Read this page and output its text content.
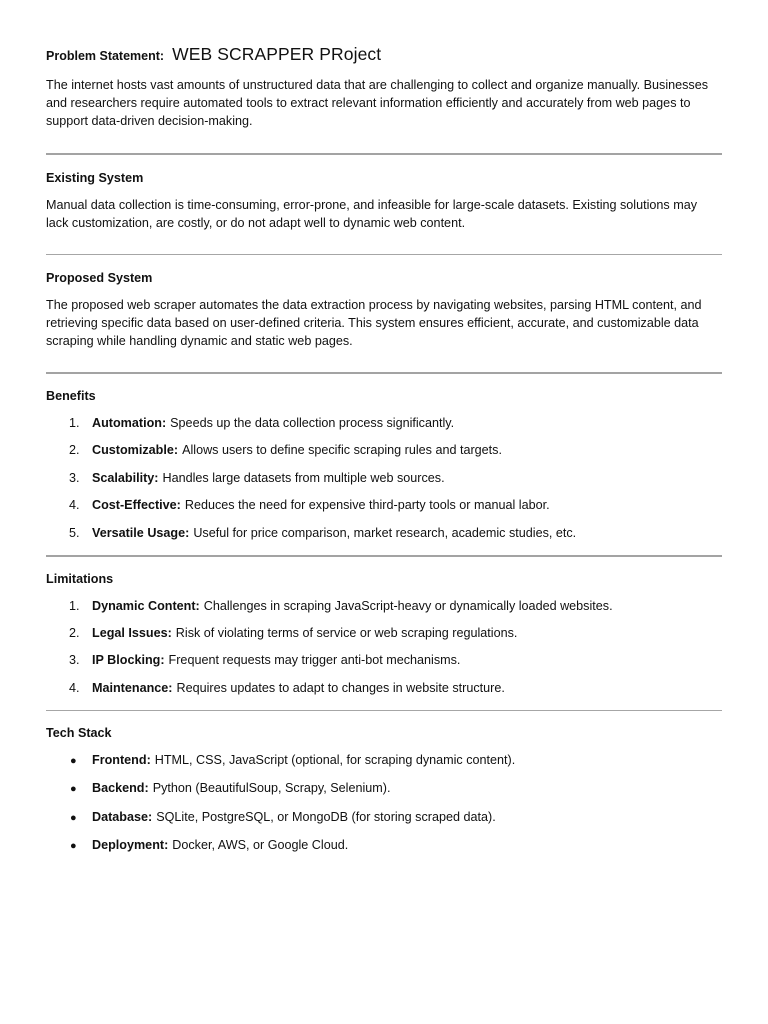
Problem Statement: WEB SCRAPPER PRoject

The internet hosts vast amounts of unstructured data that are challenging to collect and organize manually. Businesses and researchers require automated tools to extract relevant information efficiently and accurately from web pages to support data-driven decision-making.

Existing System

Manual data collection is time-consuming, error-prone, and infeasible for large-scale datasets. Existing solutions may lack customization, are costly, or do not adapt well to dynamic web content.

Proposed System

The proposed web scraper automates the data extraction process by navigating websites, parsing HTML content, and retrieving specific data based on user-defined criteria. This system ensures efficient, accurate, and customizable data scraping while handling dynamic and static web pages.

Benefits
1. Automation: Speeds up the data collection process significantly.
2. Customizable: Allows users to define specific scraping rules and targets.
3. Scalability: Handles large datasets from multiple web sources.
4. Cost-Effective: Reduces the need for expensive third-party tools or manual labor.
5. Versatile Usage: Useful for price comparison, market research, academic studies, etc.
Limitations
1. Dynamic Content: Challenges in scraping JavaScript-heavy or dynamically loaded websites.
2. Legal Issues: Risk of violating terms of service or web scraping regulations.
3. IP Blocking: Frequent requests may trigger anti-bot mechanisms.
4. Maintenance: Requires updates to adapt to changes in website structure.
Tech Stack
●	Frontend: HTML, CSS, JavaScript (optional, for scraping dynamic content).
●	Backend: Python (BeautifulSoup, Scrapy, Selenium).
●	Database: SQLite, PostgreSQL, or MongoDB (for storing scraped data).
●	Deployment: Docker, AWS, or Google Cloud.
